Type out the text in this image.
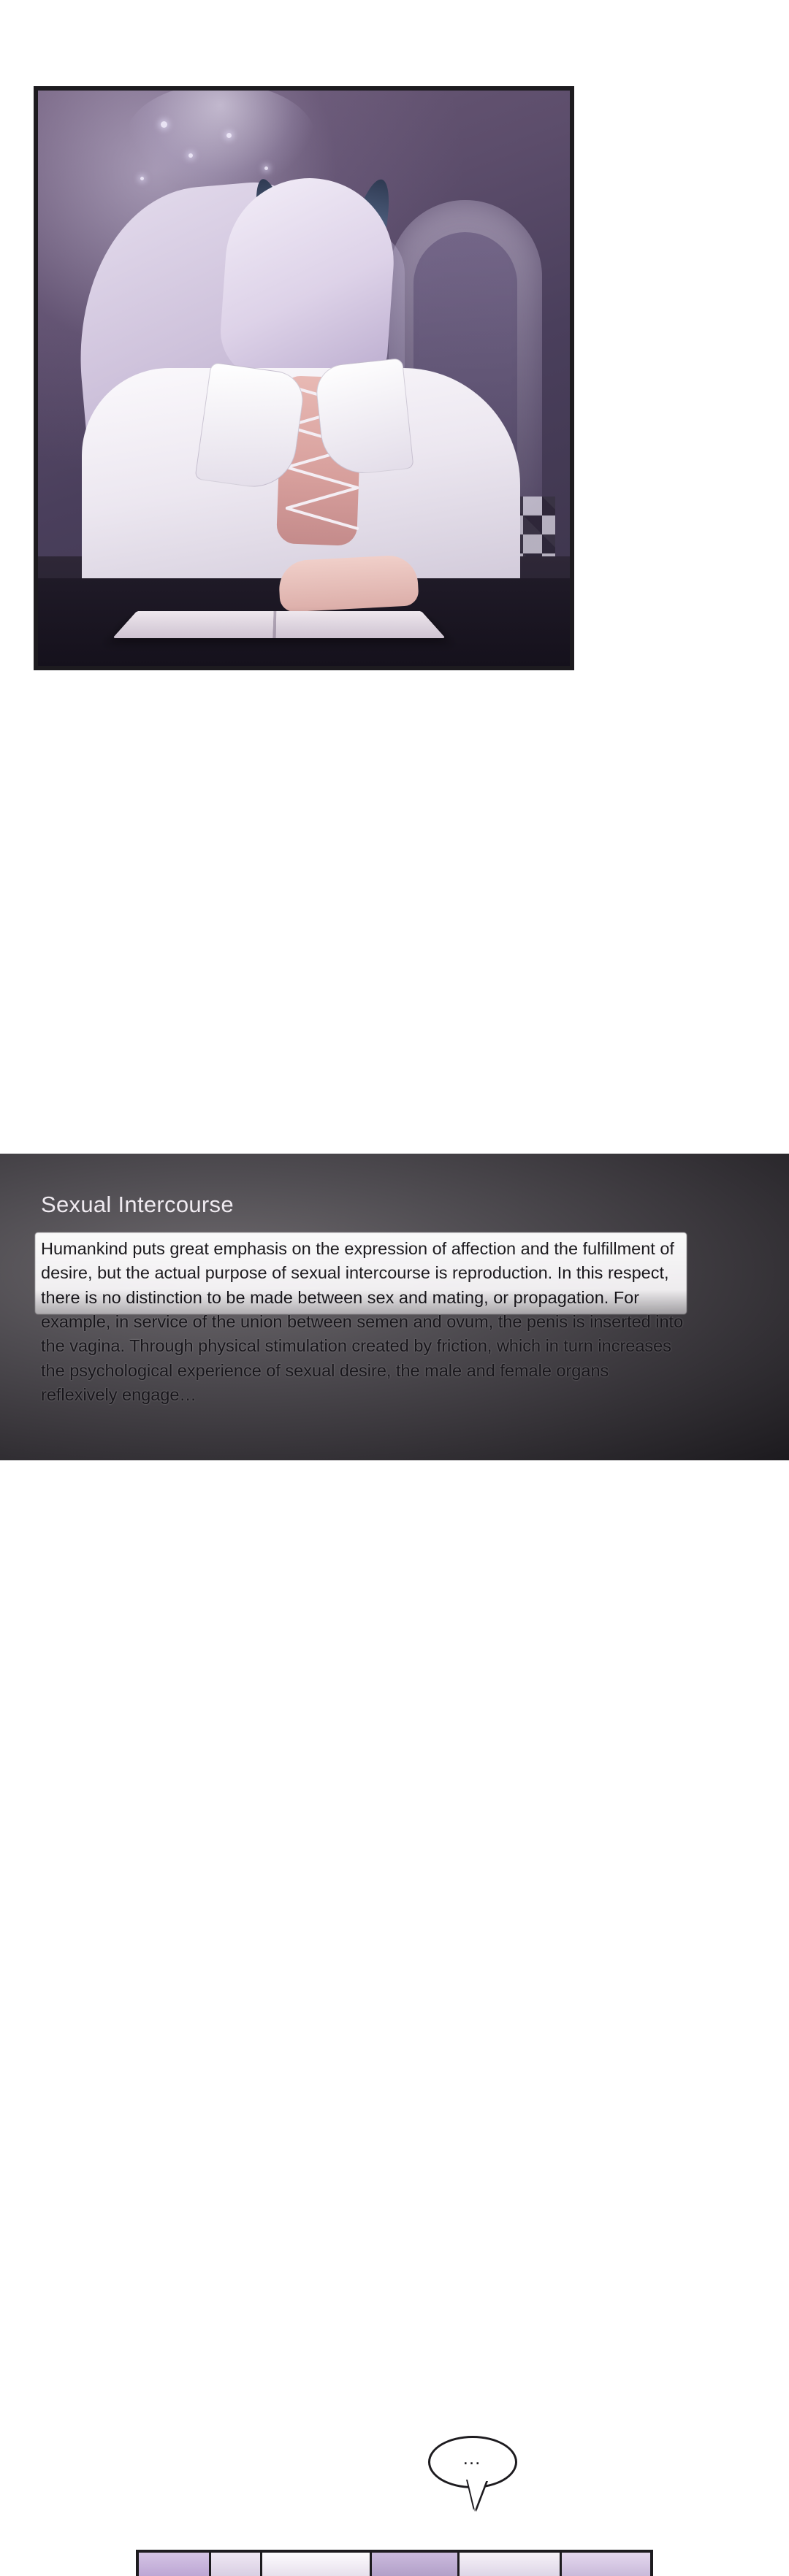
Sexual Intercourse

Humankind puts great emphasis on the expression of affection and the fulfillment of desire, but the actual purpose of sexual intercourse is reproduction. In this respect, there is no distinction to be made between sex and mating, or propagation. For example, in service of the union between semen and ovum, the penis is inserted into the vagina. Through physical stimulation created by friction, which in turn increases the psychological experience of sexual desire, the male and female organs reflexively engage…

…
